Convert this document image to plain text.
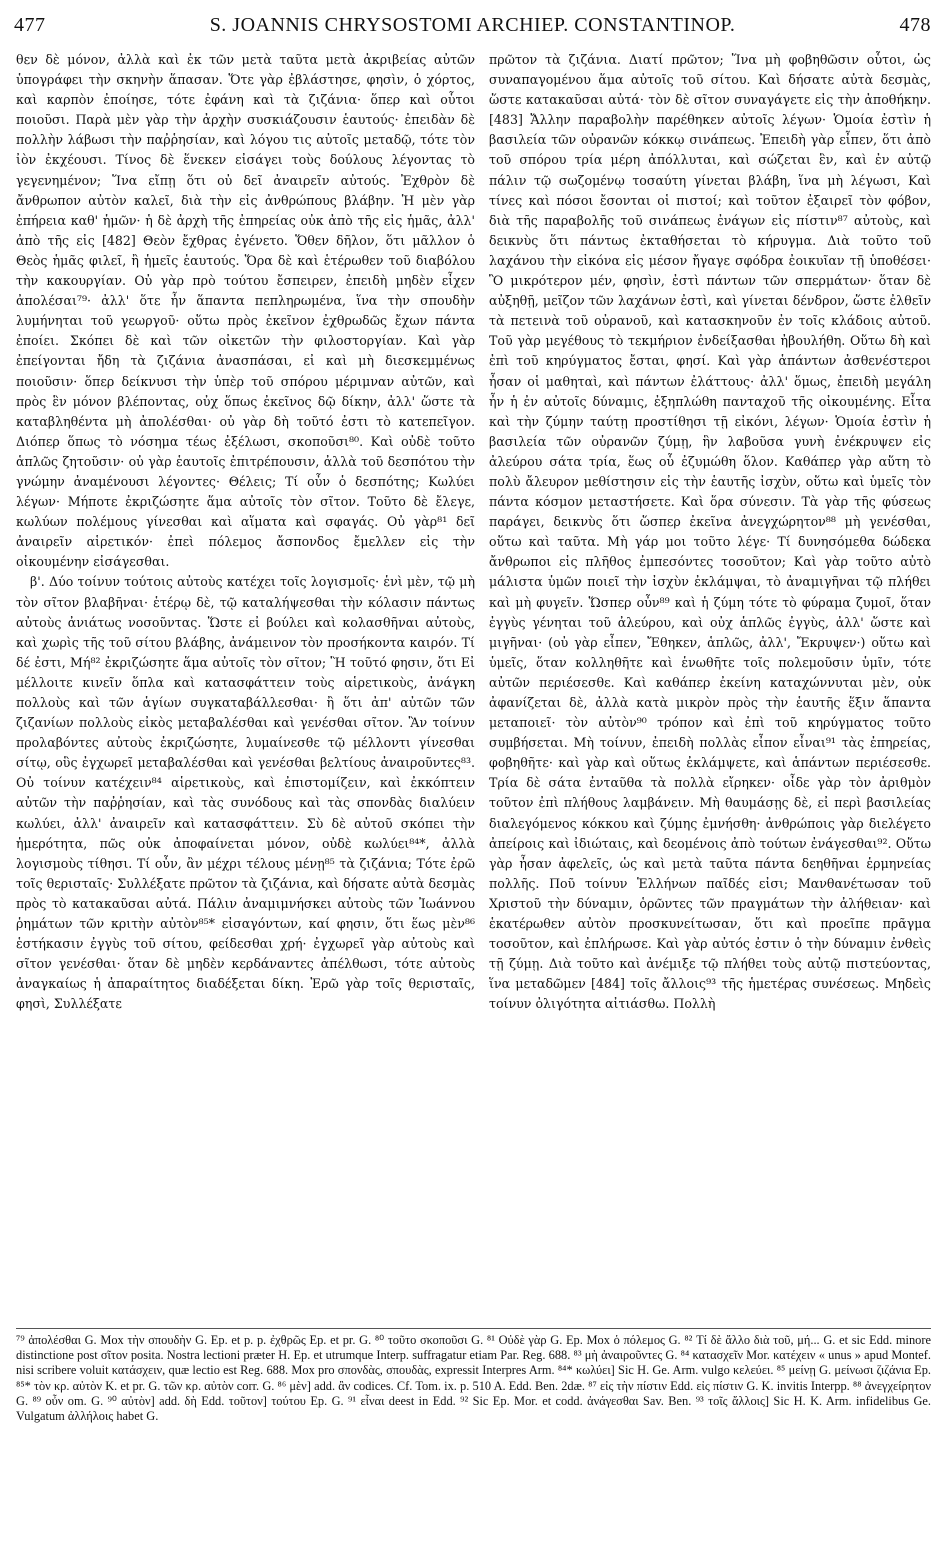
477	S. JOANNIS CHRYSOSTOMI ARCHIEP. CONSTANTINOP.	478

θεν δὲ μόνον, ἀλλὰ καὶ ἐκ τῶν μετὰ ταῦτα μετὰ ἀκριβείας αὐτῶν ὑπογράφει τὴν σκηνὴν ἅπασαν. Ὅτε γὰρ ἐβλάστησε, φησὶν, ὁ χόρτος, καὶ καρπὸν ἐποίησε, τότε ἐφάνη καὶ τὰ ζιζάνια· ὅπερ καὶ οὗτοι ποιοῦσι. Παρὰ μὲν γὰρ τὴν ἀρχὴν συσκιάζουσιν ἑαυτούς· ἐπειδὰν δὲ πολλὴν λάβωσι τὴν παῤῥησίαν, καὶ λόγου τις αὐτοῖς μεταδῷ, τότε τὸν ἰὸν ἐκχέουσι. Τίνος δὲ ἕνεκεν εἰσάγει τοὺς δούλους λέγοντας τὸ γεγενημένον; Ἵνα εἴπῃ ὅτι οὐ δεῖ ἀναιρεῖν αὐτούς. Ἐχθρὸν δὲ ἄνθρωπον αὐτὸν καλεῖ, διὰ τὴν εἰς ἀνθρώπους βλάβην. Ἡ μὲν γὰρ ἐπήρεια καθ' ἡμῶν· ἡ δὲ ἀρχὴ τῆς ἐπηρείας οὐκ ἀπὸ τῆς εἰς ἡμᾶς, ἀλλ' ἀπὸ τῆς εἰς [482] Θεὸν ἔχθρας ἐγένετο. Ὅθεν δῆλον, ὅτι μᾶλλον ὁ Θεὸς ἡμᾶς φιλεῖ, ἢ ἡμεῖς ἑαυτούς. Ὅρα δὲ καὶ ἑτέρωθεν τοῦ διαβόλου τὴν κακουργίαν. Οὐ γὰρ πρὸ τούτου ἔσπειρεν, ἐπειδὴ μηδὲν εἶχεν ἀπολέσαι⁷⁹· ἀλλ' ὅτε ἦν ἅπαντα πεπληρωμένα, ἵνα τὴν σπουδὴν λυμήνηται τοῦ γεωργοῦ· οὕτω πρὸς ἐκεῖνον ἐχθρωδῶς ἔχων πάντα ἐποίει. Σκόπει δὲ καὶ τῶν οἰκετῶν τὴν φιλοστοργίαν. Καὶ γὰρ ἐπείγονται ἤδη τὰ ζιζάνια ἀνασπάσαι, εἰ καὶ μὴ διεσκεμμένως ποιοῦσιν· ὅπερ δείκνυσι τὴν ὑπὲρ τοῦ σπόρου μέριμναν αὐτῶν, καὶ πρὸς ἓν μόνον βλέποντας, οὐχ ὅπως ἐκεῖνος δῷ δίκην, ἀλλ' ὥστε τὰ καταβληθέντα μὴ ἀπολέσθαι· οὐ γὰρ δὴ τοῦτό ἐστι τὸ κατεπεῖγον. Διόπερ ὅπως τὸ νόσημα τέως ἐξέλωσι, σκοποῦσι⁸⁰. Καὶ οὐδὲ τοῦτο ἁπλῶς ζητοῦσιν· οὐ γὰρ ἑαυτοῖς ἐπιτρέπουσιν, ἀλλὰ τοῦ δεσπότου τὴν γνώμην ἀναμένουσι λέγοντες· Θέλεις; Τί οὖν ὁ δεσπότης; Κωλύει λέγων· Μήποτε ἐκριζώσητε ἅμα αὐτοῖς τὸν σῖτον. Τοῦτο δὲ ἔλεγε, κωλύων πολέμους γίνεσθαι καὶ αἵματα καὶ σφαγάς. Οὐ γὰρ⁸¹ δεῖ ἀναιρεῖν αἱρετικόν· ἐπεὶ πόλεμος ἄσπονδος ἔμελλεν εἰς τὴν οἰκουμένην εἰσάγεσθαι.

β'. Δύο τοίνυν τούτοις αὐτοὺς κατέχει τοῖς λογισμοῖς· ἑνὶ μὲν, τῷ μὴ τὸν σῖτον βλαβῆναι· ἑτέρῳ δὲ, τῷ καταλήψεσθαι τὴν κόλασιν πάντως αὐτοὺς ἀνιάτως νοσοῦντας. Ὥστε εἰ βούλει καὶ κολασθῆναι αὐτοὺς, καὶ χωρὶς τῆς τοῦ σίτου βλάβης, ἀνάμεινον τὸν προσήκοντα καιρόν. Τί δέ ἐστι, Μή⁸² ἐκριζώσητε ἅμα αὐτοῖς τὸν σῖτον; Ἢ τοῦτό φησιν, ὅτι Εἰ μέλλοιτε κινεῖν ὅπλα καὶ κατασφάττειν τοὺς αἱρετικοὺς, ἀνάγκη πολλοὺς καὶ τῶν ἁγίων συγκαταβάλλεσθαι· ἢ ὅτι ἀπ' αὐτῶν τῶν ζιζανίων πολλοὺς εἰκὸς μεταβαλέσθαι καὶ γενέσθαι σῖτον. Ἂν τοίνυν προλαβόντες αὐτοὺς ἐκριζώσητε, λυμαίνεσθε τῷ μέλλοντι γίνεσθαι σίτῳ, οὓς ἐγχωρεῖ μεταβαλέσθαι καὶ γενέσθαι βελτίους ἀναιροῦντες⁸³. Οὐ τοίνυν κατέχειν⁸⁴ αἱρετικοὺς, καὶ ἐπιστομίζειν, καὶ ἐκκόπτειν αὐτῶν τὴν παῤῥησίαν, καὶ τὰς συνόδους καὶ τὰς σπονδὰς διαλύειν κωλύει, ἀλλ' ἀναιρεῖν καὶ κατασφάττειν. Σὺ δὲ αὐτοῦ σκόπει τὴν ἡμερότητα, πῶς οὐκ ἀποφαίνεται μόνον, οὐδὲ κωλύει⁸⁴*, ἀλλὰ λογισμοὺς τίθησι. Τί οὖν, ἂν μέχρι τέλους μένῃ⁸⁵ τὰ ζιζάνια; Τότε ἐρῶ τοῖς θερισταῖς· Συλλέξατε πρῶτον τὰ ζιζάνια, καὶ δήσατε αὐτὰ δεσμὰς πρὸς τὸ κατακαῦσαι αὐτά. Πάλιν ἀναμιμνήσκει αὐτοὺς τῶν Ἰωάννου ῥημάτων τῶν κριτὴν αὐτὸν⁸⁵* εἰσαγόντων, καί φησιν, ὅτι ἕως μὲν⁸⁶ ἑστήκασιν ἐγγὺς τοῦ σίτου, φείδεσθαι χρή· ἐγχωρεῖ γὰρ αὐτοὺς καὶ σῖτον γενέσθαι· ὅταν δὲ μηδὲν κερδάναντες ἀπέλθωσι, τότε αὐτοὺς ἀναγκαίως ἡ ἀπαραίτητος διαδέξεται δίκη. Ἐρῶ γὰρ τοῖς θερισταῖς, φησὶ, Συλλέξατε

πρῶτον τὰ ζιζάνια. Διατί πρῶτον; Ἵνα μὴ φοβηθῶσιν οὗτοι, ὡς συναπαγομένου ἅμα αὐτοῖς τοῦ σίτου. Καὶ δήσατε αὐτὰ δεσμὰς, ὥστε κατακαῦσαι αὐτά· τὸν δὲ σῖτον συναγάγετε εἰς τὴν ἀποθήκην. [483] Ἄλλην παραβολὴν παρέθηκεν αὐτοῖς λέγων· Ὁμοία ἐστὶν ἡ βασιλεία τῶν οὐρανῶν κόκκῳ σινάπεως. Ἐπειδὴ γὰρ εἶπεν, ὅτι ἀπὸ τοῦ σπόρου τρία μέρη ἀπόλλυται, καὶ σώζεται ἓν, καὶ ἐν αὐτῷ πάλιν τῷ σωζομένῳ τοσαύτη γίνεται βλάβη, ἵνα μὴ λέγωσι, Καὶ τίνες καὶ πόσοι ἔσονται οἱ πιστοί; καὶ τοῦτον ἐξαιρεῖ τὸν φόβον, διὰ τῆς παραβολῆς τοῦ σινάπεως ἐνάγων εἰς πίστιν⁸⁷ αὐτοὺς, καὶ δεικνὺς ὅτι πάντως ἐκταθήσεται τὸ κήρυγμα. Διὰ τοῦτο τοῦ λαχάνου τὴν εἰκόνα εἰς μέσον ἤγαγε σφόδρα ἐοικυῖαν τῇ ὑποθέσει· Ὃ μικρότερον μέν, φησὶν, ἐστὶ πάντων τῶν σπερμάτων· ὅταν δὲ αὐξηθῇ, μεῖζον τῶν λαχάνων ἐστὶ, καὶ γίνεται δένδρον, ὥστε ἐλθεῖν τὰ πετεινὰ τοῦ οὐρανοῦ, καὶ κατασκηνοῦν ἐν τοῖς κλάδοις αὐτοῦ. Τοῦ γὰρ μεγέθους τὸ τεκμήριον ἐνδείξασθαι ἠβουλήθη. Οὕτω δὴ καὶ ἐπὶ τοῦ κηρύγματος ἔσται, φησί. Καὶ γὰρ ἁπάντων ἀσθενέστεροι ἦσαν οἱ μαθηταὶ, καὶ πάντων ἐλάττους· ἀλλ' ὅμως, ἐπειδὴ μεγάλη ἦν ἡ ἐν αὐτοῖς δύναμις, ἐξηπλώθη πανταχοῦ τῆς οἰκουμένης. Εἶτα καὶ τὴν ζύμην ταύτῃ προστίθησι τῇ εἰκόνι, λέγων· Ὁμοία ἐστὶν ἡ βασιλεία τῶν οὐρανῶν ζύμῃ, ἣν λαβοῦσα γυνὴ ἐνέκρυψεν εἰς ἀλεύρου σάτα τρία, ἕως οὗ ἐζυμώθη ὅλον. Καθάπερ γὰρ αὕτη τὸ πολὺ ἄλευρον μεθίστησιν εἰς τὴν ἑαυτῆς ἰσχὺν, οὕτω καὶ ὑμεῖς τὸν πάντα κόσμον μεταστήσετε. Καὶ ὅρα σύνεσιν. Τὰ γὰρ τῆς φύσεως παράγει, δεικνὺς ὅτι ὥσπερ ἐκεῖνα ἀνεγχώρητον⁸⁸ μὴ γενέσθαι, οὕτω καὶ ταῦτα. Μὴ γάρ μοι τοῦτο λέγε· Τί δυνησόμεθα δώδεκα ἄνθρωποι εἰς πλῆθος ἐμπεσόντες τοσοῦτον; Καὶ γὰρ τοῦτο αὐτὸ μάλιστα ὑμῶν ποιεῖ τὴν ἰσχὺν ἐκλάμψαι, τὸ ἀναμιγῆναι τῷ πλήθει καὶ μὴ φυγεῖν. Ὥσπερ οὖν⁸⁹ καὶ ἡ ζύμη τότε τὸ φύραμα ζυμοῖ, ὅταν ἐγγὺς γένηται τοῦ ἀλεύρου, καὶ οὐχ ἁπλῶς ἐγγὺς, ἀλλ' ὥστε καὶ μιγῆναι· (οὐ γὰρ εἶπεν, Ἔθηκεν, ἁπλῶς, ἀλλ', Ἔκρυψεν·) οὕτω καὶ ὑμεῖς, ὅταν κολληθῆτε καὶ ἑνωθῆτε τοῖς πολεμοῦσιν ὑμῖν, τότε αὐτῶν περιέσεσθε. Καὶ καθάπερ ἐκείνη καταχώννυται μὲν, οὐκ ἀφανίζεται δὲ, ἀλλὰ κατὰ μικρὸν πρὸς τὴν ἑαυτῆς ἕξιν ἅπαντα μεταποιεῖ· τὸν αὐτὸν⁹⁰ τρόπον καὶ ἐπὶ τοῦ κηρύγματος τοῦτο συμβήσεται. Μὴ τοίνυν, ἐπειδὴ πολλὰς εἶπον εἶναι⁹¹ τὰς ἐπηρείας, φοβηθῆτε· καὶ γὰρ καὶ οὕτως ἐκλάμψετε, καὶ ἁπάντων περιέσεσθε. Τρία δὲ σάτα ἐνταῦθα τὰ πολλὰ εἴρηκεν· οἶδε γὰρ τὸν ἀριθμὸν τοῦτον ἐπὶ πλήθους λαμβάνειν. Μὴ θαυμάσῃς δὲ, εἰ περὶ βασιλείας διαλεγόμενος κόκκου καὶ ζύμης ἐμνήσθη· ἀνθρώποις γὰρ διελέγετο ἀπείροις καὶ ἰδιώταις, καὶ δεομένοις ἀπὸ τούτων ἐνάγεσθαι⁹². Οὕτω γὰρ ἦσαν ἀφελεῖς, ὡς καὶ μετὰ ταῦτα πάντα δεηθῆναι ἑρμηνείας πολλῆς. Ποῦ τοίνυν Ἑλλήνων παῖδές εἰσι; Μανθανέτωσαν τοῦ Χριστοῦ τὴν δύναμιν, ὁρῶντες τῶν πραγμάτων τὴν ἀλήθειαν· καὶ ἑκατέρωθεν αὐτὸν προσκυνείτωσαν, ὅτι καὶ προεῖπε πρᾶγμα τοσοῦτον, καὶ ἐπλήρωσε. Καὶ γὰρ αὐτός ἐστιν ὁ τὴν δύναμιν ἐνθεὶς τῇ ζύμῃ. Διὰ τοῦτο καὶ ἀνέμιξε τῷ πλήθει τοὺς αὐτῷ πιστεύοντας, ἵνα μεταδῶμεν [484] τοῖς ἄλλοις⁹³ τῆς ἡμετέρας συνέσεως. Μηδεὶς τοίνυν ὀλιγότητα αἰτιάσθω. Πολλὴ

⁷⁹ ἀπολέσθαι G. Mox τὴν σπουδὴν G. Ep. et p. p. ἐχθρῶς Ep. et pr. G. ⁸⁰ τοῦτο σκοποῦσι G. ⁸¹ Οὐδὲ γὰρ G. Ep. Mox ὁ πόλεμος G. ⁸² Τί δὲ ἄλλο διὰ τοῦ, μή... G. et sic Edd. minore distinctione post σῖτον posita. Nostra lectioni præter H. Ep. et utrumque Interp. suffragatur etiam Par. Reg. 688. ⁸³ μὴ ἀναιροῦντες G. ⁸⁴ κατασχεῖν Mor. κατέχειν « unus » apud Montef. nisi scribere voluit κατάσχειν, quæ lectio est Reg. 688. Mox pro σπονδὰς, σπουδὰς, expressit Interpres Arm. ⁸⁴* κωλύει] Sic H. Ge. Arm. vulgo κελεύει. ⁸⁵ μείνῃ G. μείνωσι ζιζάνια Ep. ⁸⁵* τὸν κρ. αὐτὸν K. et pr. G. τῶν κρ. αὐτὸν corr. G. ⁸⁶ μὲν] add. ἂν codices. Cf. Tom. ix. p. 510 A. Edd. Ben. 2dæ. ⁸⁷ εἰς τὴν πίστιν Edd. εἰς πίστιν G. K. invitis Interpp. ⁸⁸ ἀνεγχείρητον G. ⁸⁹ οὖν om. G. ⁹⁰ αὐτὸν] add. δὴ Edd. τοῦτον] τούτου Ep. G. ⁹¹ εἶναι deest in Edd. ⁹² Sic Ep. Mor. et codd. ἀνάγεσθαι Sav. Ben. ⁹³ τοῖς ἄλλοις] Sic H. K. Arm. infidelibus Ge. Vulgatum ἀλλήλοις habet G.
